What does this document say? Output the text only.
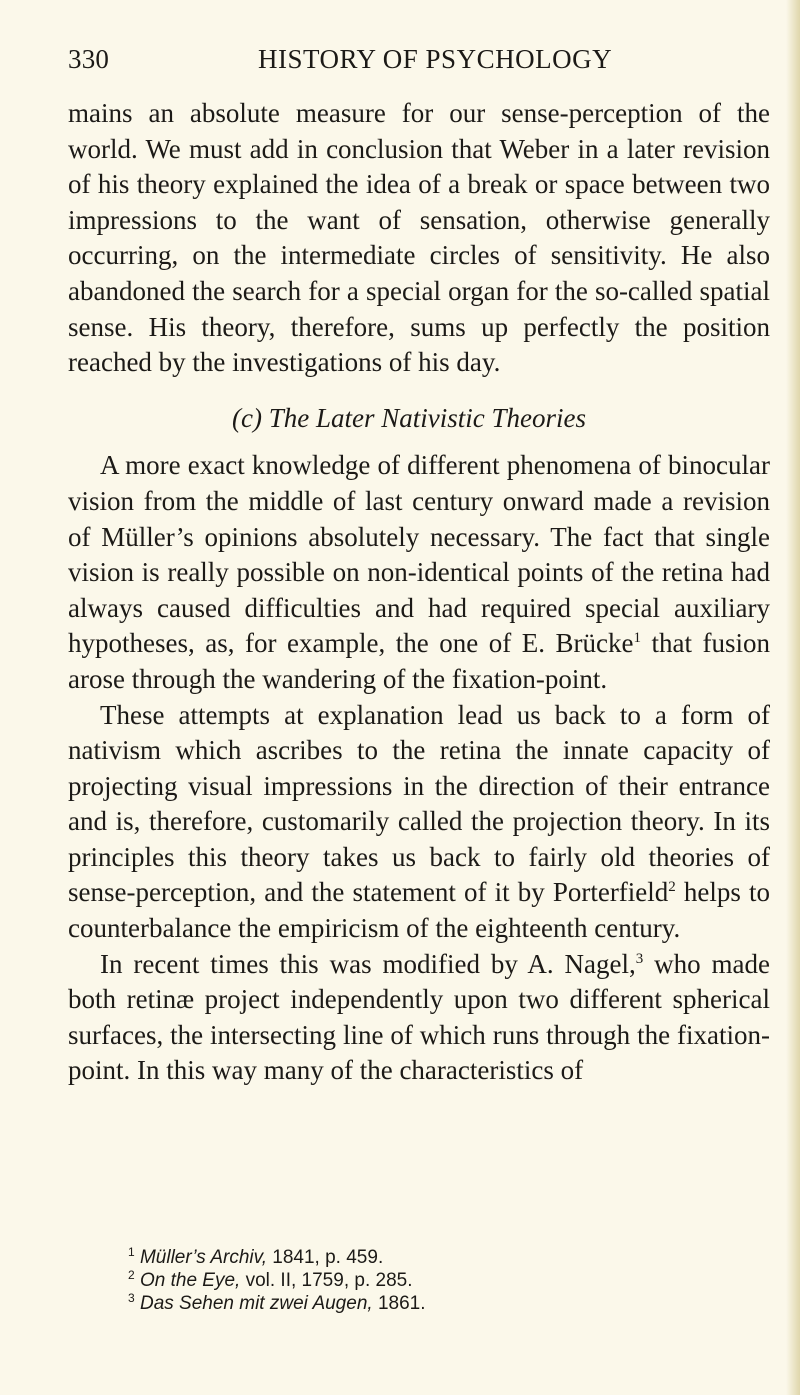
330	HISTORY OF PSYCHOLOGY

mains an absolute measure for our sense-perception of the world. We must add in conclusion that Weber in a later revision of his theory explained the idea of a break or space between two impressions to the want of sensation, otherwise generally occurring, on the intermediate circles of sensitivity. He also abandoned the search for a special organ for the so-called spatial sense. His theory, therefore, sums up perfectly the position reached by the investigations of his day.

(c) The Later Nativistic Theories

A more exact knowledge of different phenomena of binocular vision from the middle of last century onward made a revision of Müller’s opinions absolutely necessary. The fact that single vision is really possible on non-identical points of the retina had always caused difficulties and had required special auxiliary hypotheses, as, for example, the one of E. Brücke$^1$ that fusion arose through the wandering of the fixation-point.

These attempts at explanation lead us back to a form of nativism which ascribes to the retina the innate capacity of projecting visual impressions in the direction of their entrance and is, therefore, customarily called the projection theory. In its principles this theory takes us back to fairly old theories of sense-perception, and the statement of it by Porterfield$^2$ helps to counterbalance the empiricism of the eighteenth century.

In recent times this was modified by A. Nagel,$^3$ who made both retinæ project independently upon two different spherical surfaces, the intersecting line of which runs through the fixation-point. In this way many of the characteristics of

$^1$ Müller’s Archiv, 1841, p. 459.

$^2$ On the Eye, vol. II, 1759, p. 285.

$^3$ Das Sehen mit zwei Augen, 1861.
